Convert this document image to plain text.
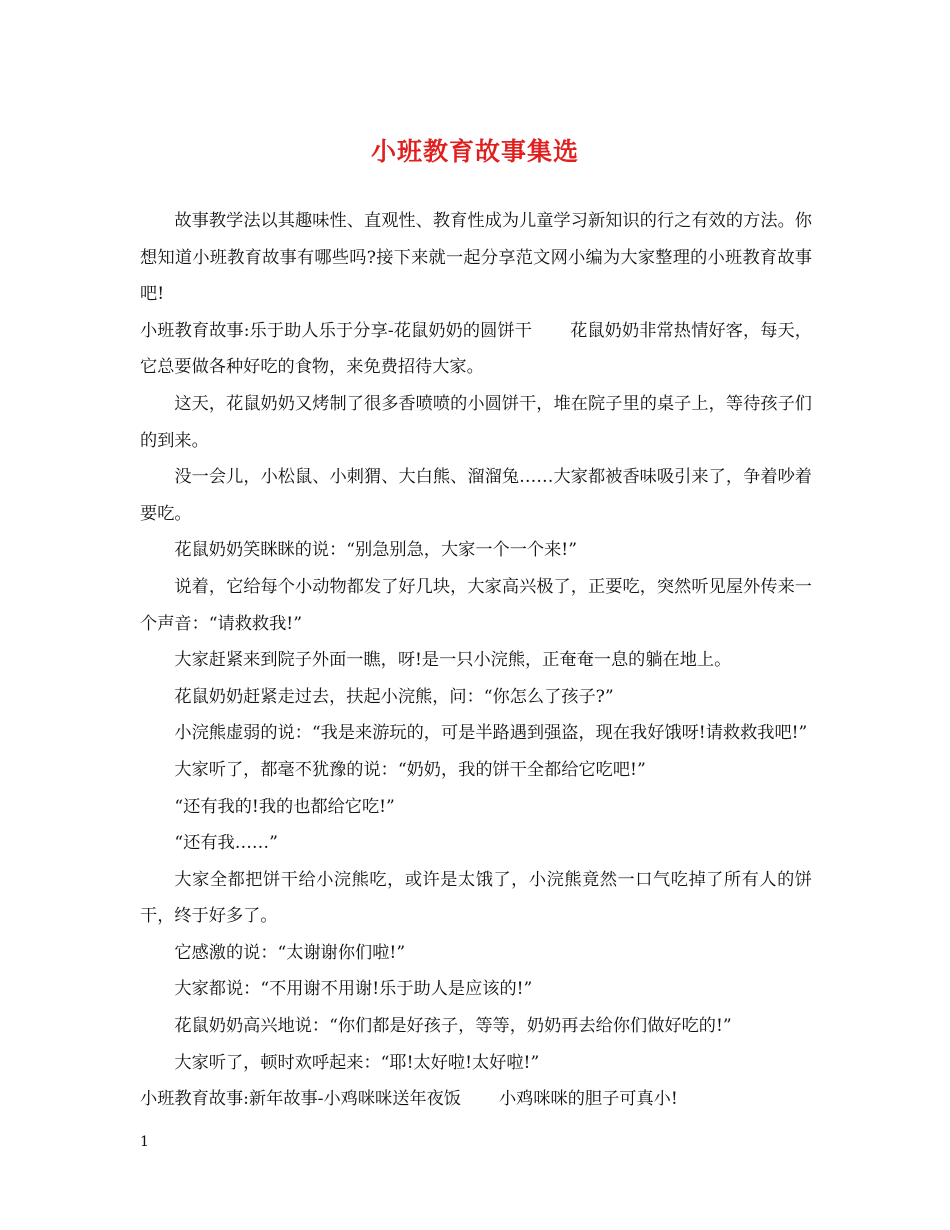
小班教育故事集选

故事教学法以其趣味性、直观性、教育性成为儿童学习新知识的行之有效的方法。你想知道小班教育故事有哪些吗?接下来就一起分享范文网小编为大家整理的小班教育故事吧!

小班教育故事:乐于助人乐于分享-花鼠奶奶的圆饼干 花鼠奶奶非常热情好客，每天，它总要做各种好吃的食物，来免费招待大家。

这天，花鼠奶奶又烤制了很多香喷喷的小圆饼干，堆在院子里的桌子上，等待孩子们的到来。

没一会儿，小松鼠、小刺猬、大白熊、溜溜兔……大家都被香味吸引来了，争着吵着要吃。

花鼠奶奶笑眯眯的说：“别急别急，大家一个一个来!”

说着，它给每个小动物都发了好几块，大家高兴极了，正要吃，突然听见屋外传来一个声音：“请救救我!”

大家赶紧来到院子外面一瞧，呀!是一只小浣熊，正奄奄一息的躺在地上。

花鼠奶奶赶紧走过去，扶起小浣熊，问：“你怎么了孩子?”

小浣熊虚弱的说：“我是来游玩的，可是半路遇到强盗，现在我好饿呀!请救救我吧!”

大家听了，都毫不犹豫的说：“奶奶，我的饼干全都给它吃吧!”

“还有我的!我的也都给它吃!”

“还有我……”

大家全都把饼干给小浣熊吃，或许是太饿了，小浣熊竟然一口气吃掉了所有人的饼干，终于好多了。

它感激的说：“太谢谢你们啦!”

大家都说：“不用谢不用谢!乐于助人是应该的!”

花鼠奶奶高兴地说：“你们都是好孩子，等等，奶奶再去给你们做好吃的!”

大家听了，顿时欢呼起来：“耶!太好啦!太好啦!”

小班教育故事:新年故事-小鸡咪咪送年夜饭 小鸡咪咪的胆子可真小!

1
